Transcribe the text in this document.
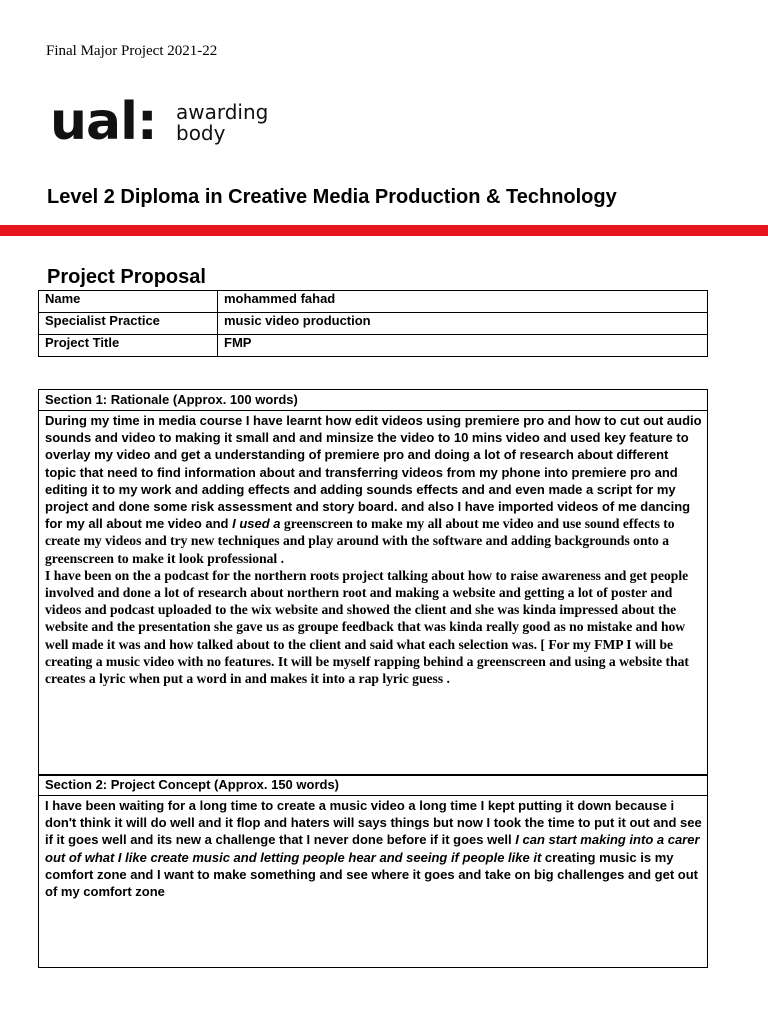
Final Major Project 2021-22
ual: awarding
body
Level 2 Diploma in Creative Media Production & Technology
Project Proposal
Name	mohammed fahad
Specialist Practice	music video production
Project Title	FMP
Section 1: Rationale (Approx. 100 words)
During my time in media course I have learnt how edit videos using premiere pro and how to cut out audio sounds and video to making it small and and minsize the video to 10 mins video and used key feature to overlay my video and get a understanding of premiere pro and doing a lot of research about different topic that need to find information about and transferring videos from my phone into premiere pro and editing it to my work and adding effects and adding sounds effects and and even made a script for my project and done some risk assessment and story board. and also I have imported videos of me dancing for my all about me video and I used a greenscreen to make my all about me video and use sound effects to create my videos and try new techniques and play around with the software and adding backgrounds onto a greenscreen to make it look professional .
I have been on the a podcast for the northern roots project talking about how to raise awareness and get people involved and done a lot of research about northern root and making a website and getting a lot of poster and videos and podcast uploaded to the wix website and showed the client and she was kinda impressed about the website and the presentation she gave us as groupe feedback that was kinda really good as no mistake and how well made it was and how talked about to the client and said what each selection was. [ For my FMP I will be creating a music video with no features. It will be myself rapping behind a greenscreen and using a website that creates a lyric when put a word in and makes it into a rap lyric guess .
Section 2: Project Concept (Approx. 150 words)
I have been waiting for a long time to create a music video a long time I kept putting it down because i don't think it will do well and it flop and haters will says things but now I took the time to put it out and see if it goes well and its new a challenge that I never done before if it goes well I can start making into a carer out of what I like create music and letting people hear and seeing if people like it creating music is my comfort zone and I want to make something and see where it goes and take on big challenges and get out of my comfort zone
